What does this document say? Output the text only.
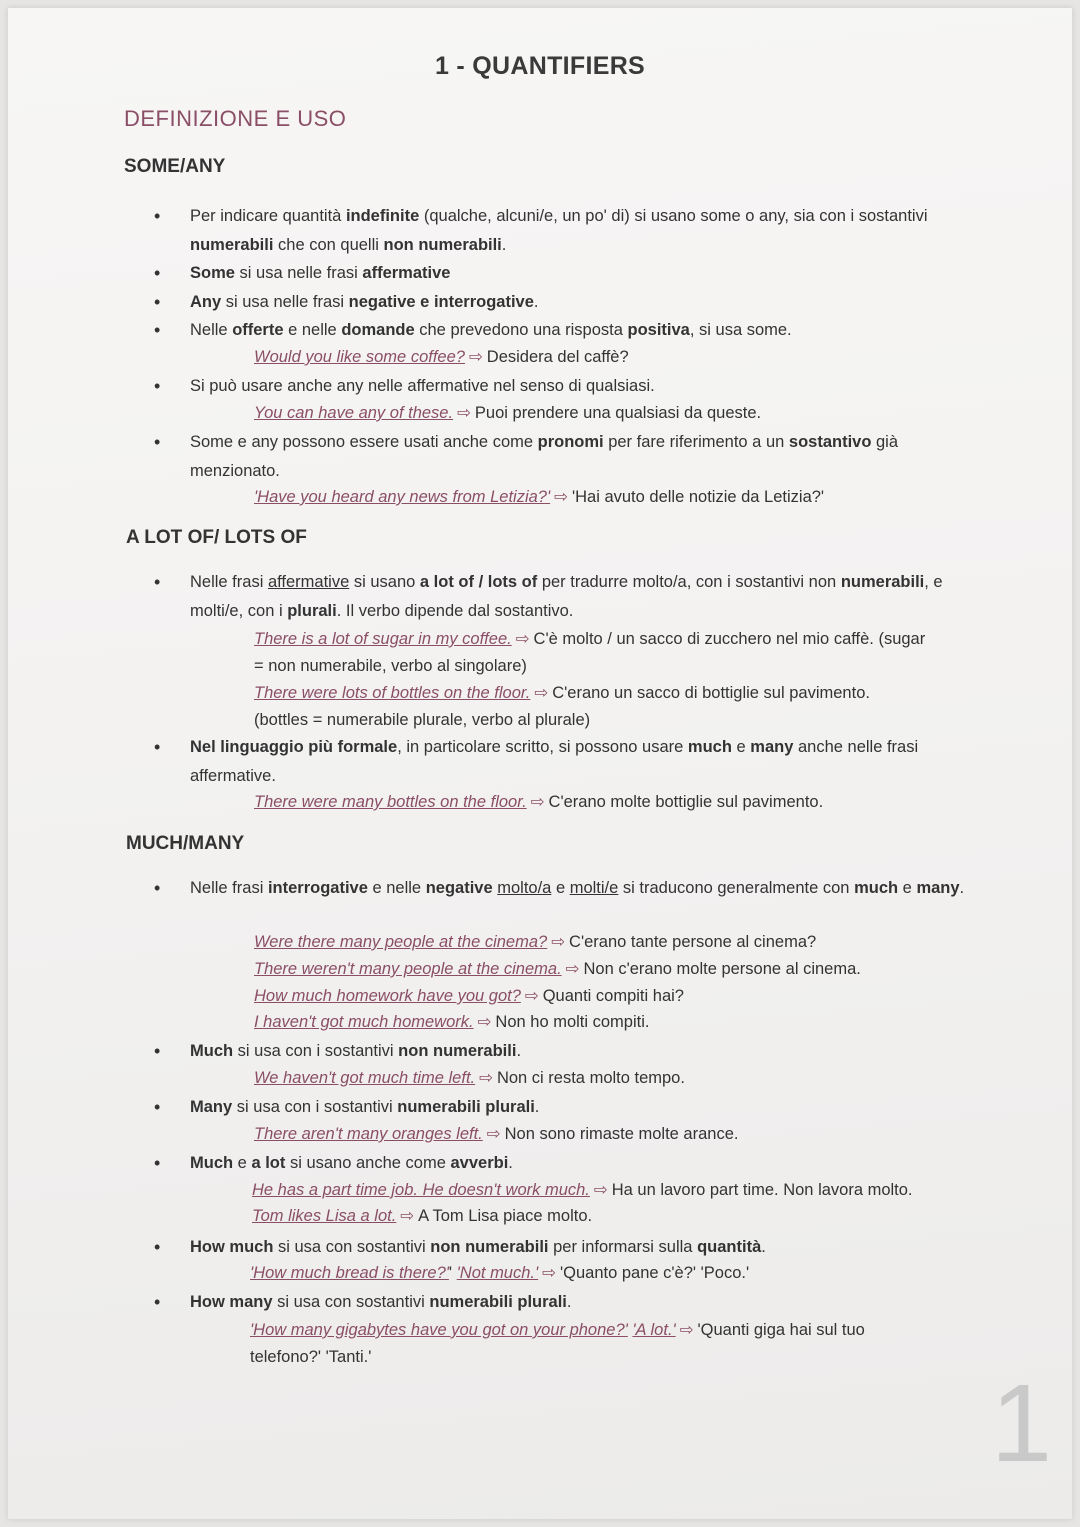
1 - QUANTIFIERS
DEFINIZIONE E USO
SOME/ANY
• Per indicare quantità indefinite (qualche, alcuni/e, un po' di) si usano some o any, sia con i sostantivi numerabili che con quelli non numerabili.
• Some si usa nelle frasi affermative
• Any si usa nelle frasi negative e interrogative.
• Nelle offerte e nelle domande che prevedono una risposta positiva, si usa some.
Would you like some coffee? ⇨ Desidera del caffè?
• Si può usare anche any nelle affermative nel senso di qualsiasi.
You can have any of these. ⇨ Puoi prendere una qualsiasi da queste.
• Some e any possono essere usati anche come pronomi per fare riferimento a un sostantivo già menzionato.
'Have you heard any news from Letizia?' ⇨ 'Hai avuto delle notizie da Letizia?'
A LOT OF/ LOTS OF
• Nelle frasi affermative si usano a lot of / lots of per tradurre molto/a, con i sostantivi non numerabili, e molti/e, con i plurali. Il verbo dipende dal sostantivo.
There is a lot of sugar in my coffee. ⇨ C'è molto / un sacco di zucchero nel mio caffè. (sugar
= non numerabile, verbo al singolare)
There were lots of bottles on the floor. ⇨ C'erano un sacco di bottiglie sul pavimento.
(bottles = numerabile plurale, verbo al plurale)
• Nel linguaggio più formale, in particolare scritto, si possono usare much e many anche nelle frasi affermative.
There were many bottles on the floor. ⇨ C'erano molte bottiglie sul pavimento.
MUCH/MANY
• Nelle frasi interrogative e nelle negative molto/a e molti/e si traducono generalmente con much e many.
Were there many people at the cinema? ⇨ C'erano tante persone al cinema?
There weren't many people at the cinema. ⇨ Non c'erano molte persone al cinema.
How much homework have you got? ⇨ Quanti compiti hai?
I haven't got much homework. ⇨ Non ho molti compiti.
• Much si usa con i sostantivi non numerabili.
We haven't got much time left. ⇨ Non ci resta molto tempo.
• Many si usa con i sostantivi numerabili plurali.
There aren't many oranges left. ⇨ Non sono rimaste molte arance.
• Much e a lot si usano anche come avverbi.
He has a part time job. He doesn't work much. ⇨ Ha un lavoro part time. Non lavora molto.
Tom likes Lisa a lot. ⇨ A Tom Lisa piace molto.
• How much si usa con sostantivi non numerabili per informarsi sulla quantità.
'How much bread is there?'' 'Not much.' ⇨ 'Quanto pane c'è?' 'Poco.'
• How many si usa con sostantivi numerabili plurali.
'How many gigabytes have you got on your phone?' 'A lot.' ⇨ 'Quanti giga hai sul tuo
telefono?' 'Tanti.'
1
